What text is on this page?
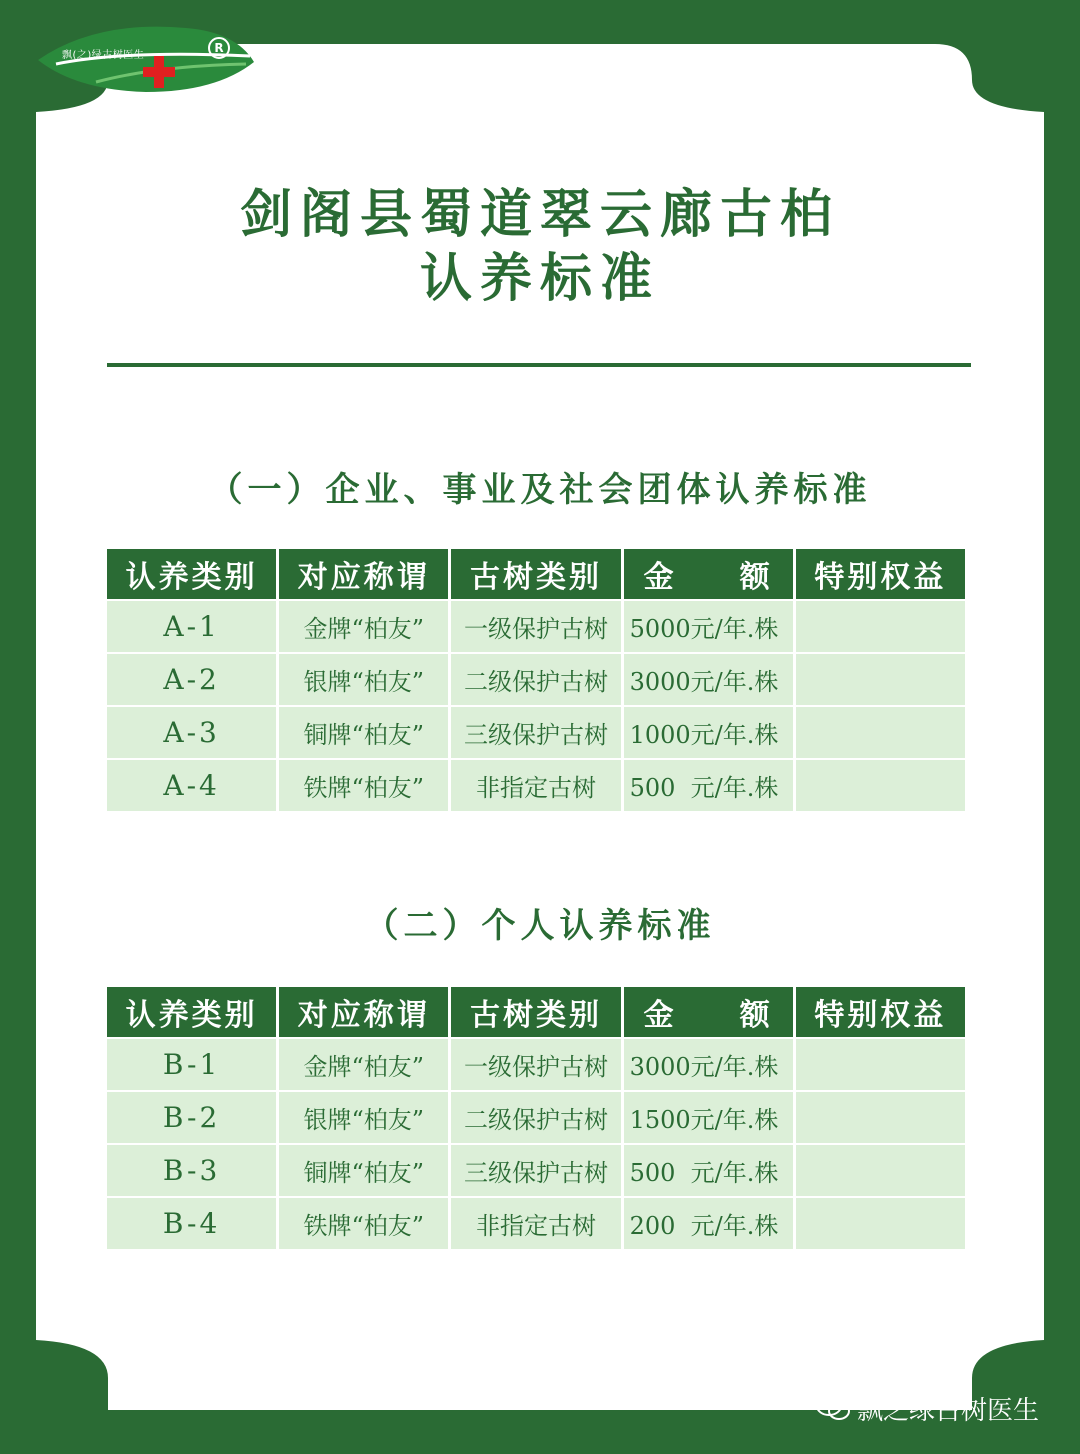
飘(之)绿古树医生
R
剑阁县蜀道翠云廊古柏
认养标准
（一）企业、事业及社会团体认养标准
认养类别	对应称谓	古树类别	金 额	特别权益
A-1	金牌“柏友”	一级保护古树	5000元/年.株	
A-2	银牌“柏友”	二级保护古树	3000元/年.株	
A-3	铜牌“柏友”	三级保护古树	1000元/年.株	
A-4	铁牌“柏友”	非指定古树	500  元/年.株	
（二）个人认养标准
认养类别	对应称谓	古树类别	金 额	特别权益
B-1	金牌“柏友”	一级保护古树	3000元/年.株	
B-2	银牌“柏友”	二级保护古树	1500元/年.株	
B-3	铜牌“柏友”	三级保护古树	500  元/年.株	
B-4	铁牌“柏友”	非指定古树	200  元/年.株	
飘之绿古树医生
